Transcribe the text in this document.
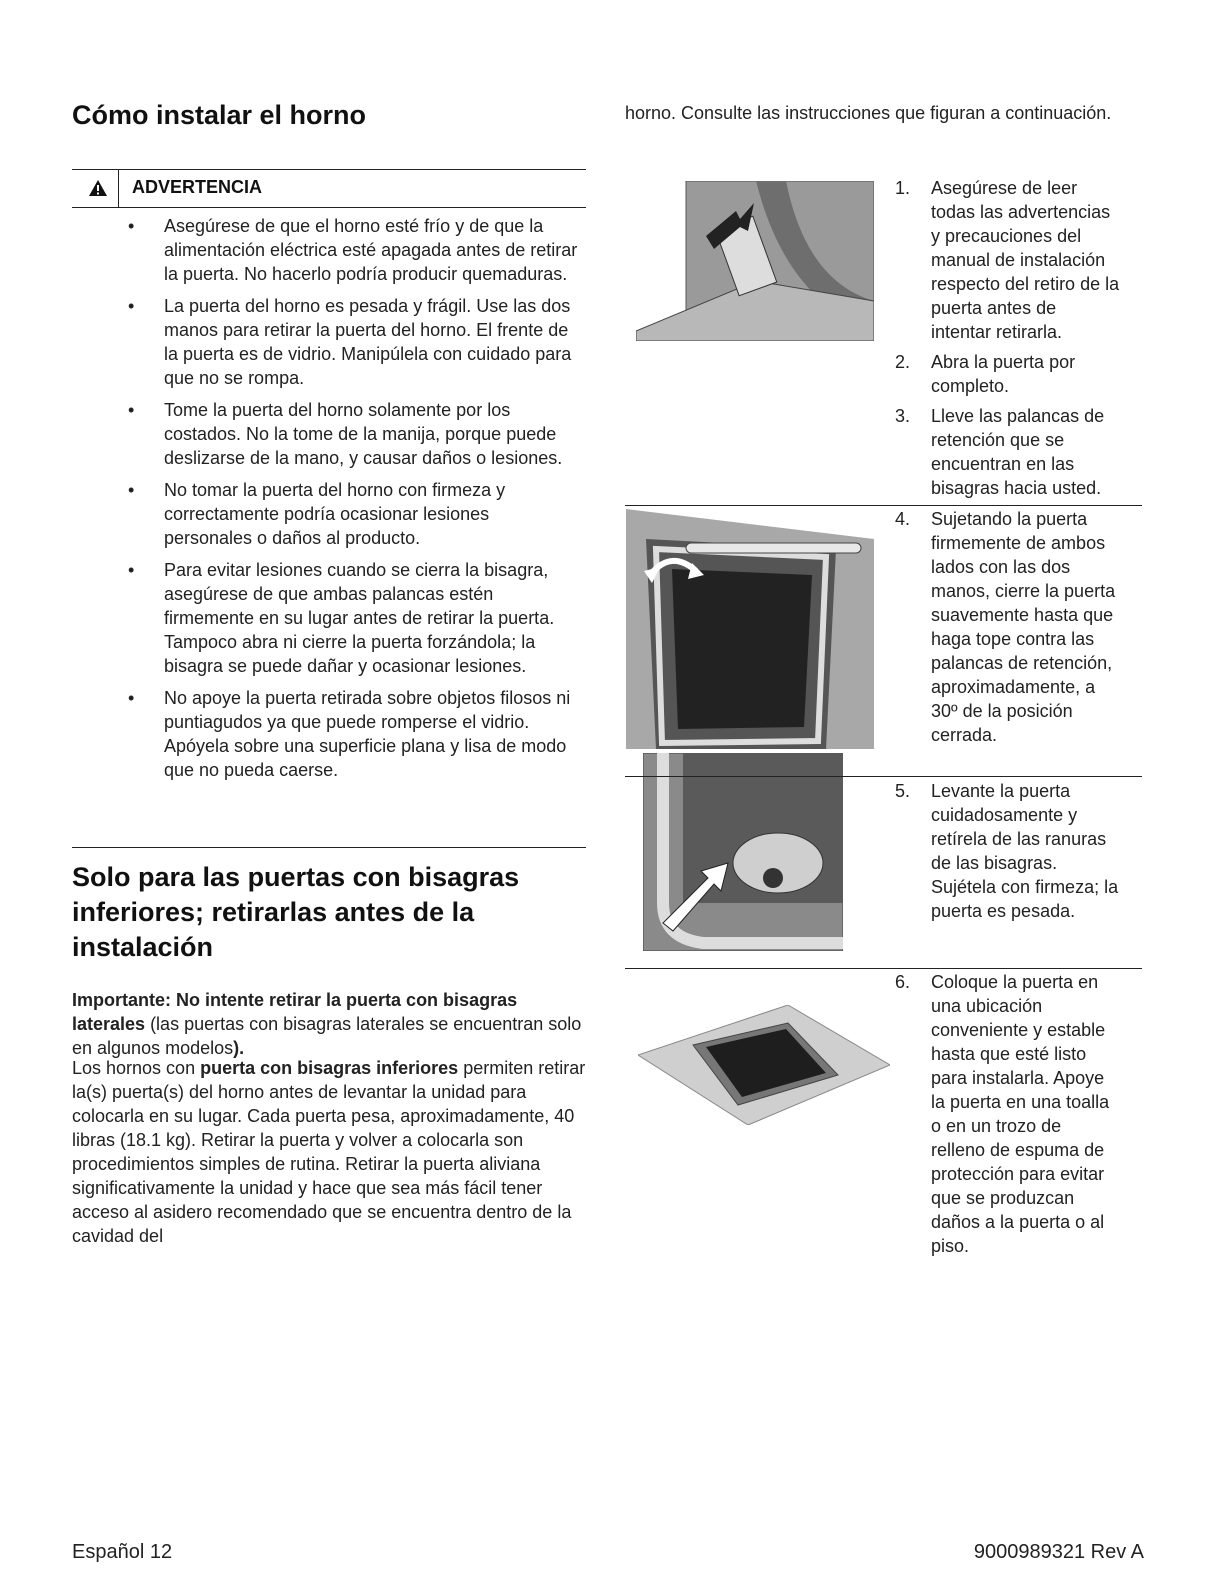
Cómo instalar el horno
ADVERTENCIA
• Asegúrese de que el horno esté frío y de que la alimentación eléctrica esté apagada antes de retirar la puerta. No hacerlo podría producir quemaduras.
• La puerta del horno es pesada y frágil. Use las dos manos para retirar la puerta del horno. El frente de la puerta es de vidrio. Manipúlela con cuidado para que no se rompa.
• Tome la puerta del horno solamente por los costados. No la tome de la manija, porque puede deslizarse de la mano, y causar daños o lesiones.
• No tomar la puerta del horno con firmeza y correctamente podría ocasionar lesiones personales o daños al producto.
• Para evitar lesiones cuando se cierra la bisagra, asegúrese de que ambas palancas estén firmemente en su lugar antes de retirar la puerta. Tampoco abra ni cierre la puerta forzándola; la bisagra se puede dañar y ocasionar lesiones.
• No apoye la puerta retirada sobre objetos filosos ni puntiagudos ya que puede romperse el vidrio. Apóyela sobre una superficie plana y lisa de modo que no pueda caerse.
Solo para las puertas con bisagras inferiores; retirarlas antes de la instalación

Importante: No intente retirar la puerta con bisagras laterales (las puertas con bisagras laterales se encuentran solo en algunos modelos).

Los hornos con puerta con bisagras inferiores permiten retirar la(s) puerta(s) del horno antes de levantar la unidad para colocarla en su lugar. Cada puerta pesa, aproximadamente, 40 libras (18.1 kg). Retirar la puerta y volver a colocarla son procedimientos simples de rutina. Retirar la puerta aliviana significativamente la unidad y hace que sea más fácil tener acceso al asidero recomendado que se encuentra dentro de la cavidad del

horno. Consulte las instrucciones que figuran a continuación.

1. Asegúrese de leer todas las advertencias y precauciones del manual de instalación respecto del retiro de la puerta antes de intentar retirarla.
2. Abra la puerta por completo.
3. Lleve las palancas de retención que se encuentran en las bisagras hacia usted.
4. Sujetando la puerta firmemente de ambos lados con las dos manos, cierre la puerta suavemente hasta que haga tope contra las palancas de retención, aproximadamente, a 30º de la posición cerrada.
5. Levante la puerta cuidadosamente y retírela de las ranuras de las bisagras. Sujétela con firmeza; la puerta es pesada.
6. Coloque la puerta en una ubicación conveniente y estable hasta que esté listo para instalarla. Apoye la puerta en una toalla o en un trozo de relleno de espuma de protección para evitar que se produzcan daños a la puerta o al piso.
Español 12	9000989321 Rev A
